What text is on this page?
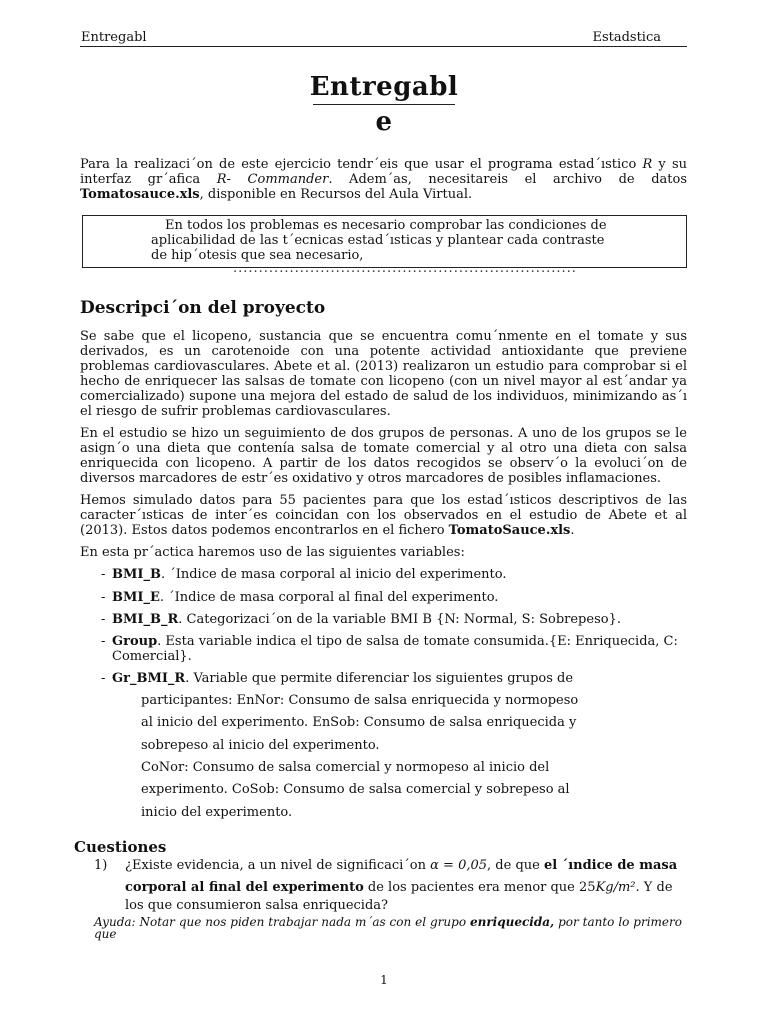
Entregabl	Estadstica
Entregabl
e
Para la realizaci´on de este ejercicio tendr´eis que usar el programa estad´ıstico R y su interfaz gr´afica R- Commander. Adem´as, necesitareis el archivo de datos Tomatosauce.xls, disponible en Recursos del Aula Virtual.
En todos los problemas es necesario comprobar las condiciones de aplicabilidad de las t´ecnicas estad´ısticas y plantear cada contraste de hip´otesis que sea necesario,
...................................................................
Descripci´on del proyecto
Se sabe que el licopeno, sustancia que se encuentra comu´nmente en el tomate y sus derivados, es un carotenoide con una potente actividad antioxidante que previene problemas cardiovasculares. Abete et al. (2013) realizaron un estudio para comprobar si el hecho de enriquecer las salsas de tomate con licopeno (con un nivel mayor al est´andar ya comercializado) supone una mejora del estado de salud de los individuos, minimizando as´ı el riesgo de sufrir problemas cardiovasculares.
En el estudio se hizo un seguimiento de dos grupos de personas. A uno de los grupos se le asign´o una dieta que contenía salsa de tomate comercial y al otro una dieta con salsa enriquecida con licopeno. A partir de los datos recogidos se observ´o la evoluci´on de diversos marcadores de estr´es oxidativo y otros marcadores de posibles inflamaciones.
Hemos simulado datos para 55 pacientes para que los estad´ısticos descriptivos de las caracter´ısticas de inter´es coincidan con los observados en el estudio de Abete et al (2013). Estos datos podemos encontrarlos en el fichero TomatoSauce.xls.
En esta pr´actica haremos uso de las siguientes variables:
- BMI_B. ´Indice de masa corporal al inicio del experimento.
- BMI_E. ´Indice de masa corporal al final del experimento.
- BMI_B_R. Categorizaci´on de la variable BMI B {N: Normal, S: Sobrepeso}.
- Group. Esta variable indica el tipo de salsa de tomate consumida.{E: Enriquecida, C: Comercial}.
- Gr_BMI_R. Variable que permite diferenciar los siguientes grupos de
participantes: EnNor: Consumo de salsa enriquecida y normopeso
al inicio del experimento. EnSob: Consumo de salsa enriquecida y
sobrepeso al inicio del experimento.
CoNor: Consumo de salsa comercial y normopeso al inicio del
experimento. CoSob: Consumo de salsa comercial y sobrepeso al
inicio del experimento.
Cuestiones
1) ¿Existe evidencia, a un nivel de significaci´on α = 0,05, de que el ´ındice de masa
corporal al final del experimento de los pacientes era menor que 25Kg/m². Y de
los que consumieron salsa enriquecida?
Ayuda: Notar que nos piden trabajar nada m´as con el grupo enriquecida, por tanto lo primero que
1
